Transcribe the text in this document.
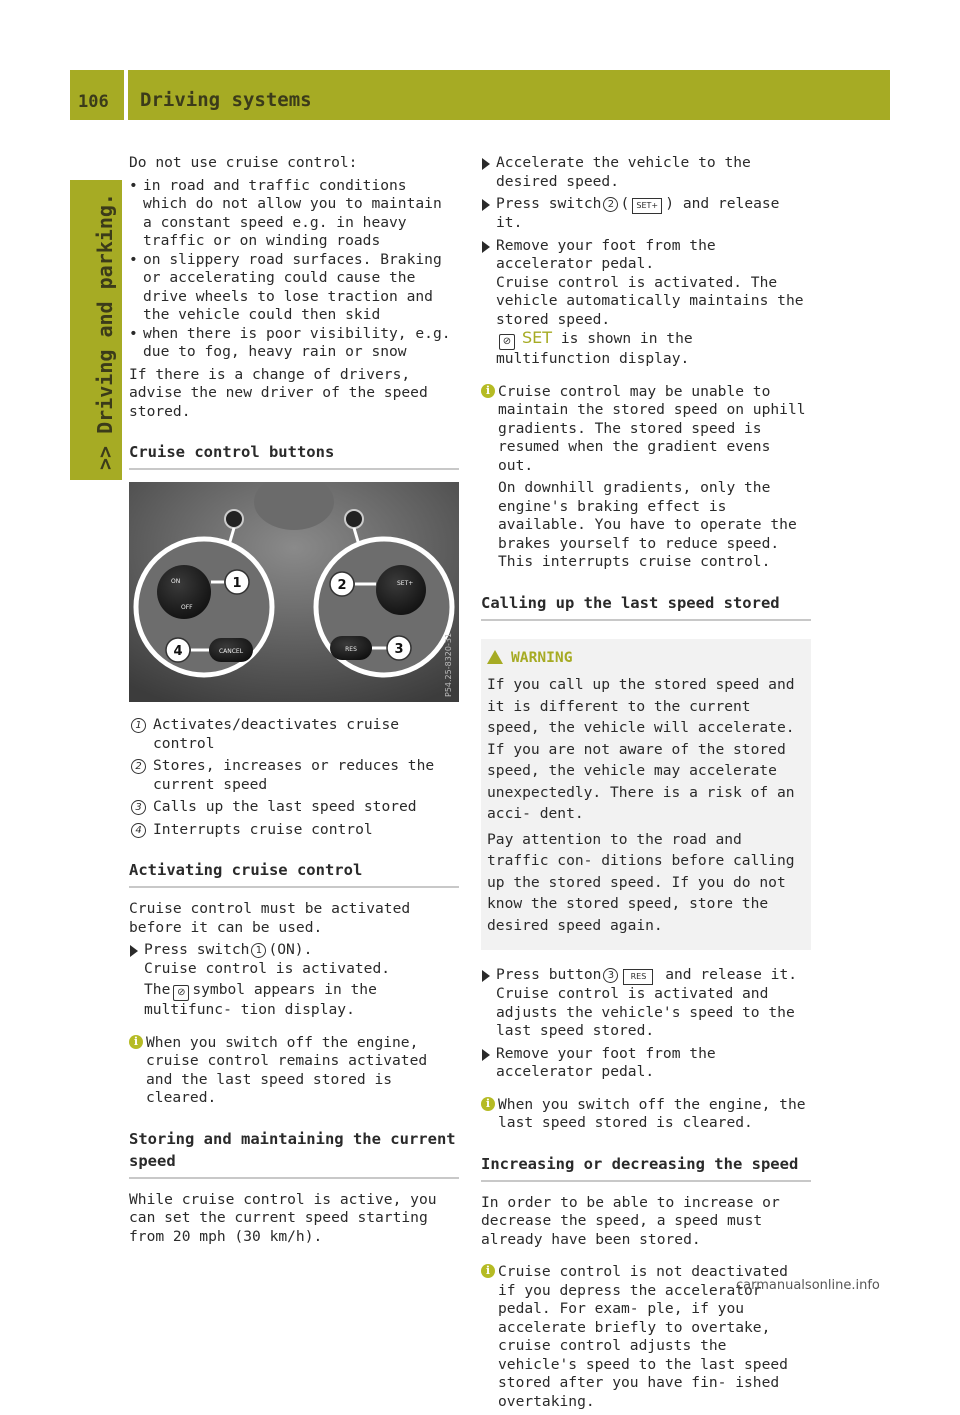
106 Driving systems
>> Driving and parking.

Do not use cruise control:

• in road and traffic conditions which do not allow you to maintain a constant speed e.g. in heavy traffic or on winding roads

• on slippery road surfaces. Braking or accelerating could cause the drive wheels to lose traction and the vehicle could then skid

• when there is poor visibility, e.g. due to fog, heavy rain or snow

If there is a change of drivers, advise the new driver of the speed stored.

Cruise control buttons
ON
OFF
1
CANCEL
4
SET+
2
RES	3	P54.25-8320-31
1 Activates/deactivates cruise control
2 Stores, increases or reduces the current speed
3 Calls up the last speed stored
4 Interrupts cruise control
Activating cruise control

Cruise control must be activated before it can be used.

Press switch 1 (ON).
Cruise control is activated.

The ⊘ symbol appears in the multifunc- tion display.

i When you switch off the engine, cruise control remains activated and the last speed stored is cleared.
Storing and maintaining the current speed

While cruise control is active, you can set the current speed starting from 20 mph (30 km/h).

Accelerate the vehicle to the desired speed.

Press switch 2 ( SET+ ) and release it.
Remove your foot from the accelerator pedal.
Cruise control is activated. The vehicle automatically maintains the stored speed.
⊘ SET is shown in the multifunction display.
i Cruise control may be unable to maintain the stored speed on uphill gradients. The stored speed is resumed when the gradient evens out.

On downhill gradients, only the engine's braking effect is available. You have to operate the brakes yourself to reduce speed. This interrupts cruise control.

Calling up the last speed stored
WARNING

If you call up the stored speed and it is different to the current speed, the vehicle will accelerate. If you are not aware of the stored speed, the vehicle may accelerate unexpectedly. There is a risk of an acci- dent.

Pay attention to the road and traffic con- ditions before calling up the stored speed. If you do not know the stored speed, store the desired speed again.

Press button 3 RES and release it.
Cruise control is activated and adjusts the vehicle's speed to the last speed stored.

Remove your foot from the accelerator pedal.

i When you switch off the engine, the last speed stored is cleared.
Increasing or decreasing the speed

In order to be able to increase or decrease the speed, a speed must already have been stored.

i Cruise control is not deactivated if you depress the accelerator pedal. For exam- ple, if you accelerate briefly to overtake, cruise control adjusts the vehicle's speed to the last speed stored after you have fin- ished overtaking.
carmanualsonline.info
